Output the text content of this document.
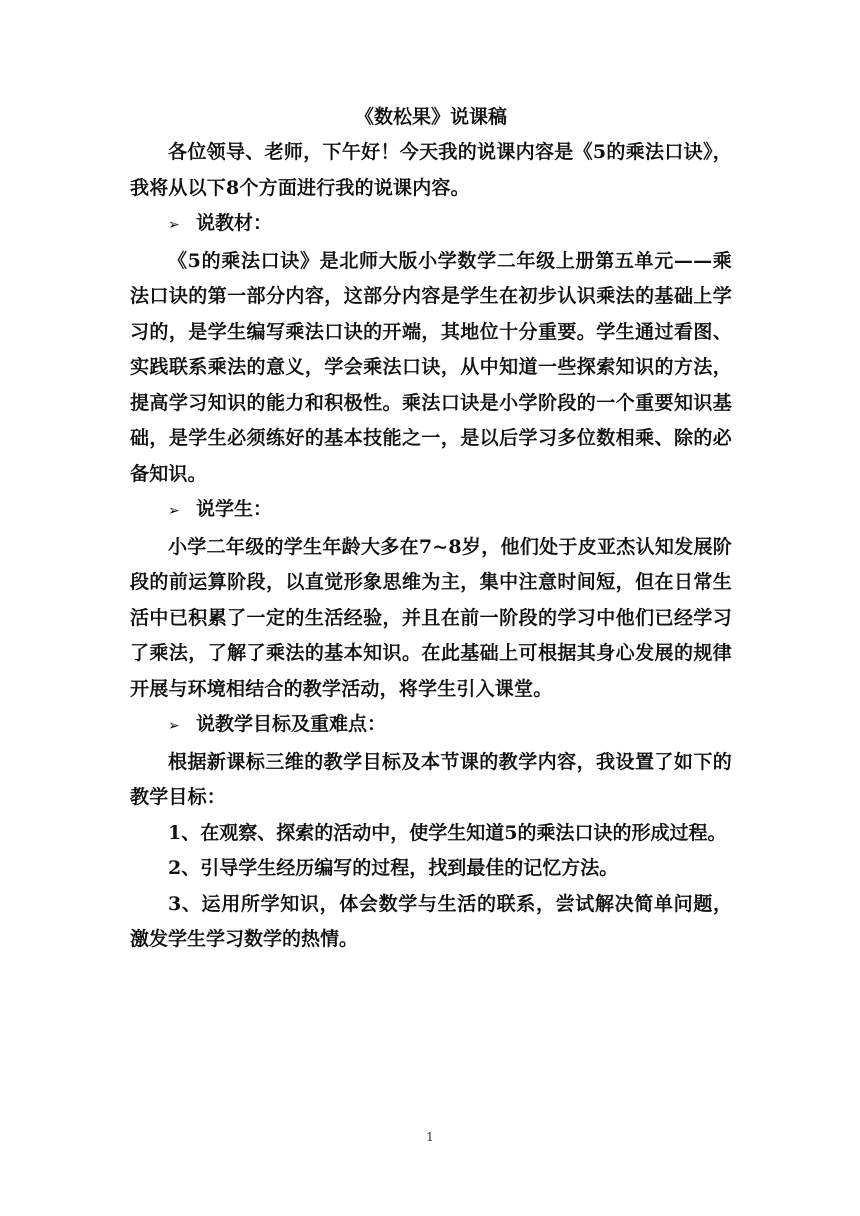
《数松果》说课稿

各位领导、老师，下午好！今天我的说课内容是《5的乘法口诀》，我将从以下8个方面进行我的说课内容。

➢ 说教材：

《5的乘法口诀》是北师大版小学数学二年级上册第五单元——乘法口诀的第一部分内容，这部分内容是学生在初步认识乘法的基础上学习的，是学生编写乘法口诀的开端，其地位十分重要。学生通过看图、实践联系乘法的意义，学会乘法口诀，从中知道一些探索知识的方法，提高学习知识的能力和积极性。乘法口诀是小学阶段的一个重要知识基础，是学生必须练好的基本技能之一，是以后学习多位数相乘、除的必备知识。

➢ 说学生：

小学二年级的学生年龄大多在7~8岁，他们处于皮亚杰认知发展阶段的前运算阶段，以直觉形象思维为主，集中注意时间短，但在日常生活中已积累了一定的生活经验，并且在前一阶段的学习中他们已经学习了乘法，了解了乘法的基本知识。在此基础上可根据其身心发展的规律开展与环境相结合的教学活动，将学生引入课堂。

➢ 说教学目标及重难点：

根据新课标三维的教学目标及本节课的教学内容，我设置了如下的教学目标：

1、在观察、探索的活动中，使学生知道5的乘法口诀的形成过程。

2、引导学生经历编写的过程，找到最佳的记忆方法。

3、运用所学知识，体会数学与生活的联系，尝试解决简单问题，激发学生学习数学的热情。

1
